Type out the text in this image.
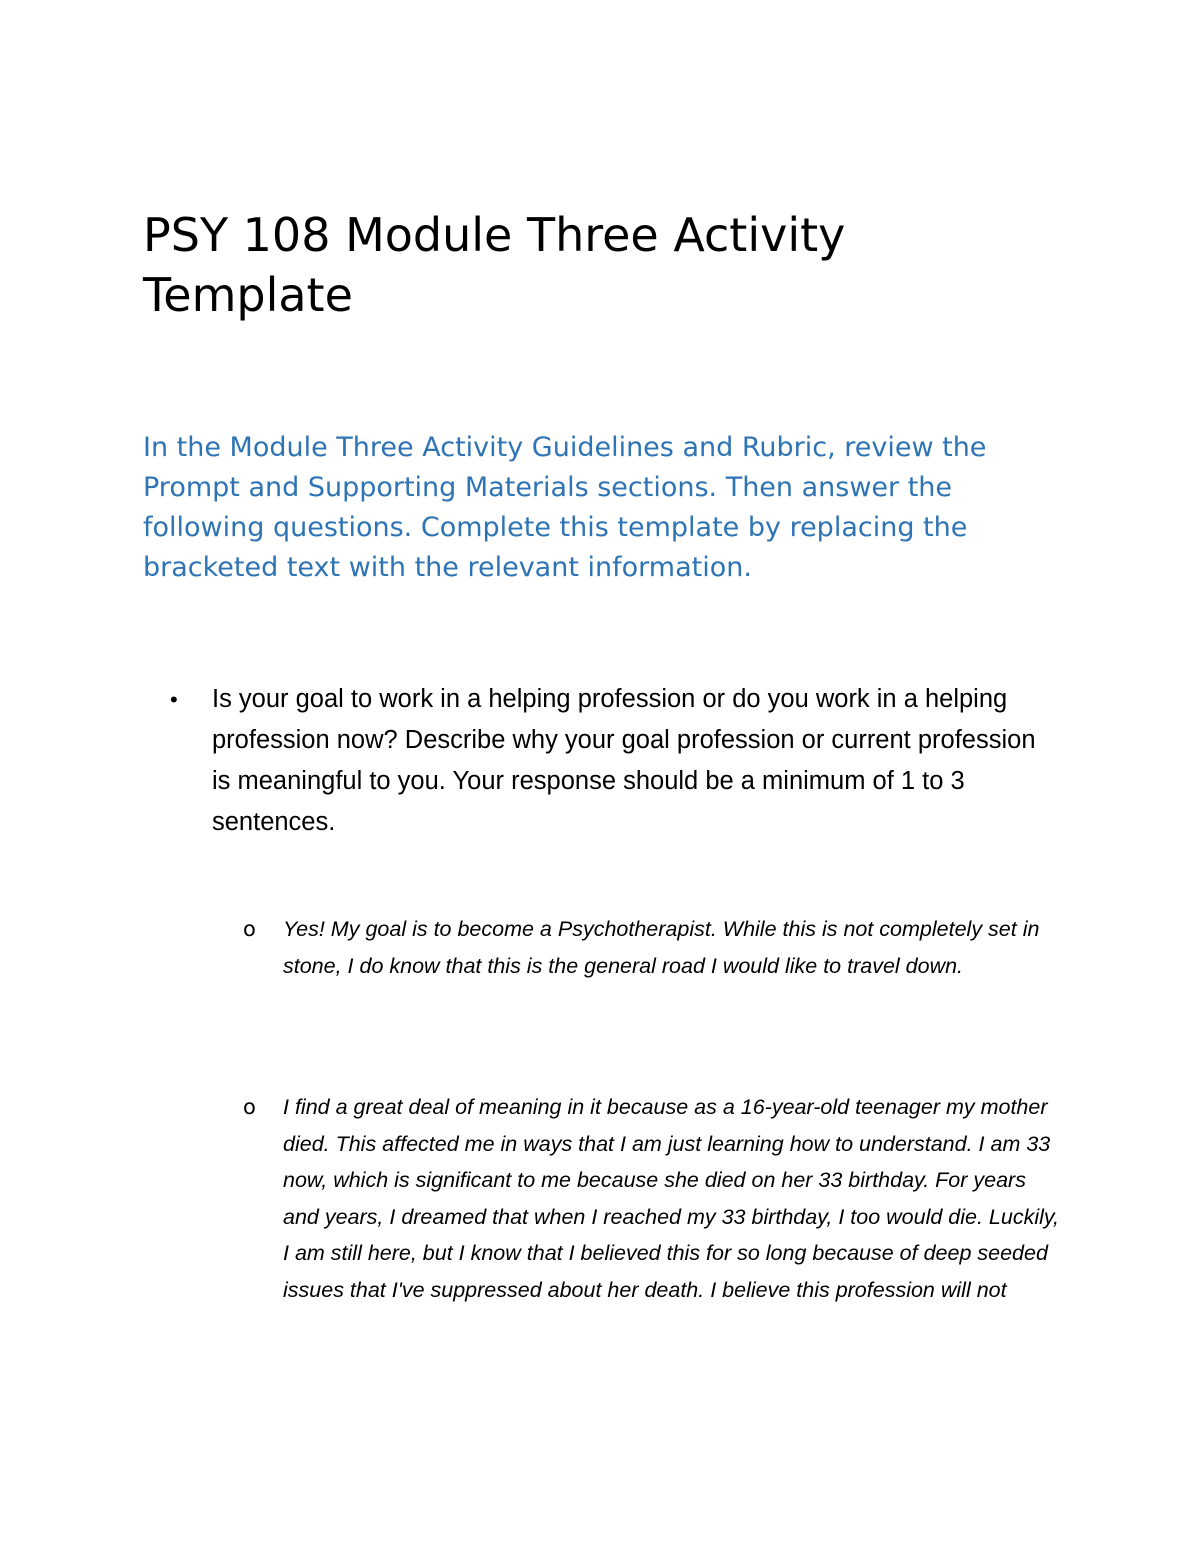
PSY 108 Module Three Activity Template

In the Module Three Activity Guidelines and Rubric, review the Prompt and Supporting Materials sections. Then answer the following questions. Complete this template by replacing the bracketed text with the relevant information.

•	Is your goal to work in a helping profession or do you work in a helping profession now? Describe why your goal profession or current profession is meaningful to you. Your response should be a minimum of 1 to 3 sentences.
o	Yes! My goal is to become a Psychotherapist. While this is not completely set in stone, I do know that this is the general road I would like to travel down.
o	I find a great deal of meaning in it because as a 16-year-old teenager my mother died. This affected me in ways that I am just learning how to understand. I am 33 now, which is significant to me because she died on her 33 birthday. For years and years, I dreamed that when I reached my 33 birthday, I too would die. Luckily, I am still here, but I know that I believed this for so long because of deep seeded issues that I've suppressed about her death. I believe this profession will not
